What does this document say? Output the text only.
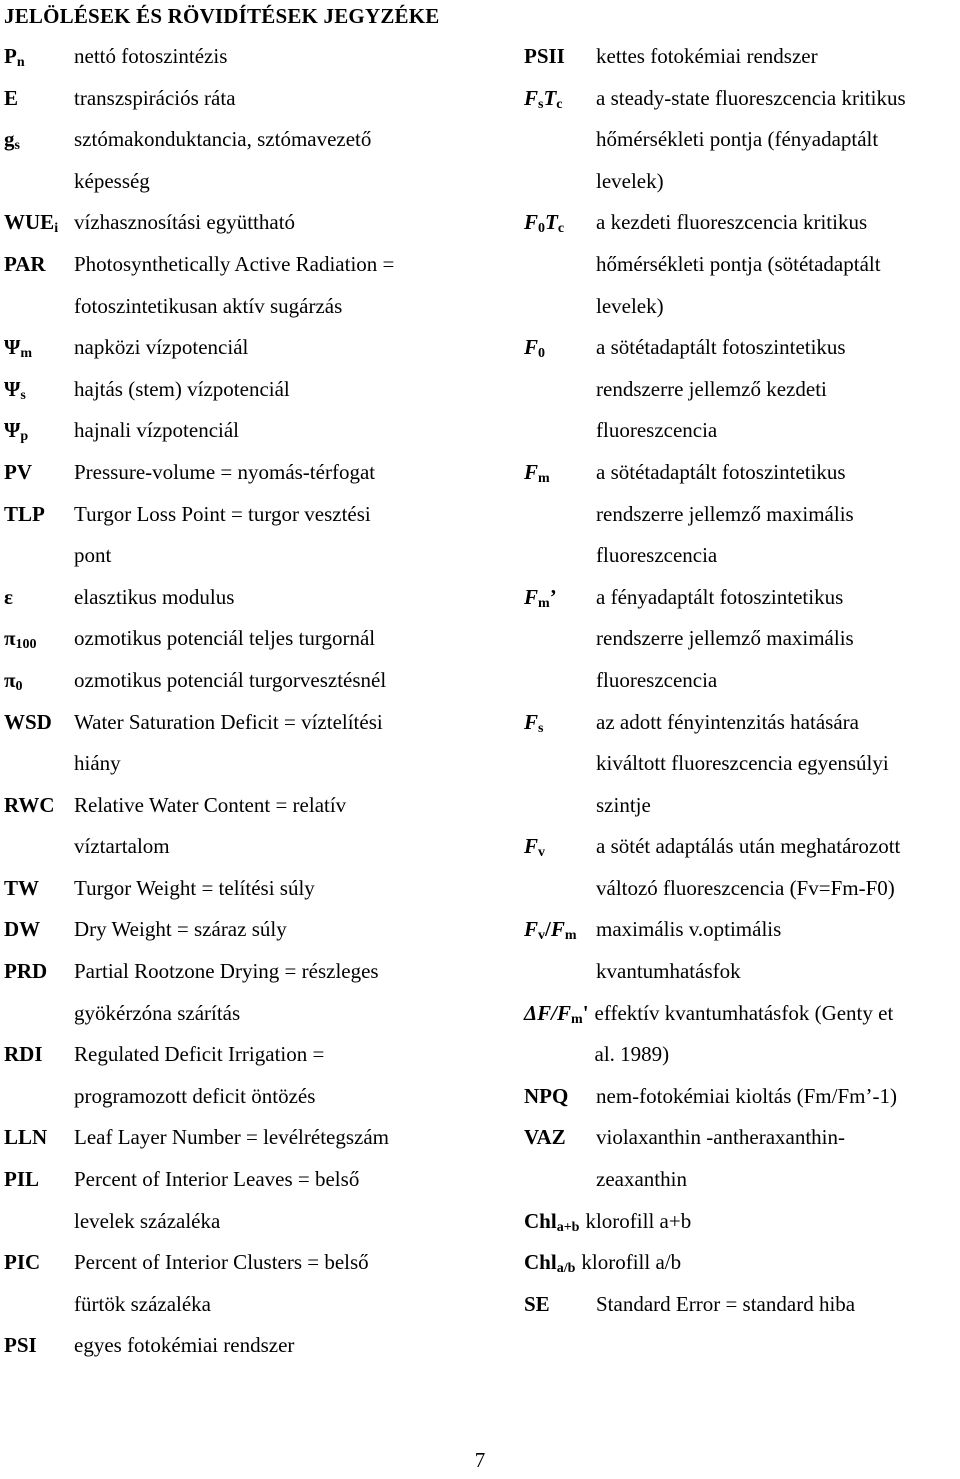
JELÖLÉSEK ÉS RÖVIDÍTÉSEK JEGYZÉKE
$P_n$	nettó fotoszintézis
E	transzspirációs ráta
$g_s$	sztómakonduktancia, sztómavezető
képesség
$WUE_i$ vízhasznosítási együttható
PAR	Photosynthetically Active Radiation =
fotoszintetikusan aktív sugárzás
$\Psi_m$	napközi vízpotenciál
$\Psi_s$	hajtás (stem) vízpotenciál
$\Psi_p$	hajnali vízpotenciál
PV	Pressure-volume = nyomás-térfogat
TLP	Turgor Loss Point = turgor vesztési
pont
ε	elasztikus modulus
$\pi_{100}$	ozmotikus potenciál teljes turgornál
$\pi_0$	ozmotikus potenciál turgorvesztésnél
WSD	Water Saturation Deficit = víztelítési
hiány
RWC Relative Water Content = relatív
víztartalom
TW	Turgor Weight = telítési súly
DW	Dry Weight = száraz súly
PRD	Partial Rootzone Drying = részleges
gyökérzóna szárítás
RDI	Regulated Deficit Irrigation =
programozott deficit öntözés
LLN	Leaf Layer Number = levélrétegszám
PIL	Percent of Interior Leaves = belső
levelek százaléka
PIC	Percent of Interior Clusters = belső
fürtök százaléka
PSI	egyes fotokémiai rendszer
PSII	kettes fotokémiai rendszer
$F_sT_c$	a steady-state fluoreszcencia kritikus
hőmérsékleti pontja (fényadaptált
levelek)
$F_0T_c$	a kezdeti fluoreszcencia kritikus
hőmérsékleti pontja (sötétadaptált
levelek)
$F_0$	a sötétadaptált fotoszintetikus
rendszerre jellemző kezdeti
fluoreszcencia
$F_m$	a sötétadaptált fotoszintetikus
rendszerre jellemző maximális
fluoreszcencia
$F_m$’	a fényadaptált fotoszintetikus
rendszerre jellemző maximális
fluoreszcencia
$F_s$	az adott fényintenzitás hatására
kiváltott fluoreszcencia egyensúlyi
szintje
$F_v$	a sötét adaptálás után meghatározott
változó fluoreszcencia (Fv=Fm-F0)
$F_v/F_m$ maximális v.optimális
kvantumhatásfok
$\Delta F/F_m'$ effektív kvantumhatásfok (Genty et
al. 1989)
NPQ	nem-fotokémiai kioltás (Fm/Fm’-1)
VAZ	violaxanthin -antheraxanthin-
zeaxanthin
Chl$_{a+b}$ klorofill a+b
Chl$_{a/b}$ klorofill a/b
SE	Standard Error = standard hiba
7
